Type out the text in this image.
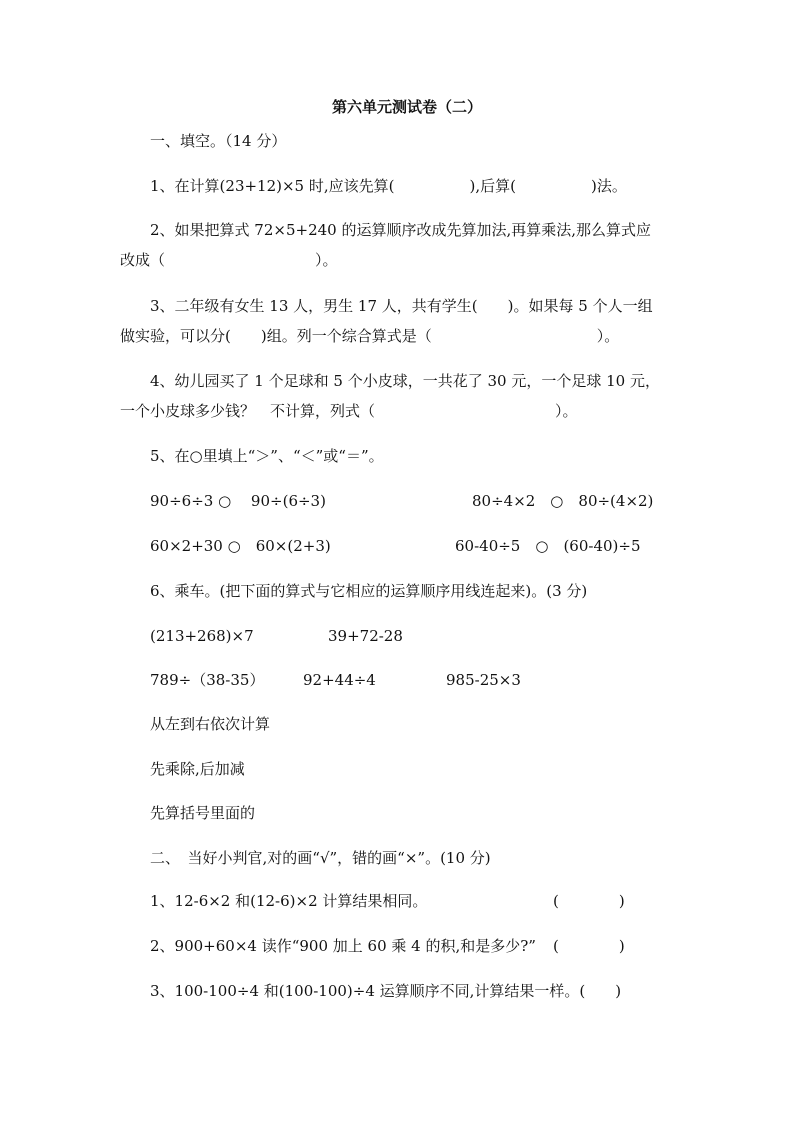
第六单元测试卷（二）
一、填空。（14 分）
1、在计算(23+12)×5 时,应该先算(　　　　　),后算(　　　　　)法。
2、如果把算式 72×5+240 的运算顺序改成先算加法,再算乘法,那么算式应
改成（　　　　　　　　　　）。
3、二年级有女生 13 人，男生 17 人，共有学生(　　)。如果每 5 个人一组
做实验，可以分(　　)组。列一个综合算式是（　　　　　　　　　　　）。
4、幼儿园买了 1 个足球和 5 个小皮球，一共花了 30 元，一个足球 10 元，
一个小皮球多少钱？　不计算，列式（　　　　　　　　　　　　）。
5、在○里填上“＞”、“＜”或“＝”。
90÷6÷3 ○　 90÷(6÷3)	80÷4×2　○　80÷(4×2)
60×2+30 ○　60×(2+3)	60-40÷5　○　(60-40)÷5
6、乘车。(把下面的算式与它相应的运算顺序用线连起来)。(3 分)
(213+268)×7	39+72-28
789÷（38-35）	92+44÷4	985-25×3
从左到右依次计算
先乘除,后加减
先算括号里面的
二、　当好小判官,对的画“√”，错的画“×”。(10 分)
1、12-6×2 和(12-6)×2 计算结果相同。	(　　　　)
2、900+60×4 读作“900 加上 60 乘 4 的积,和是多少?” (　　　　)
3、100-100÷4 和(100-100)÷4 运算顺序不同,计算结果一样。(　　)
